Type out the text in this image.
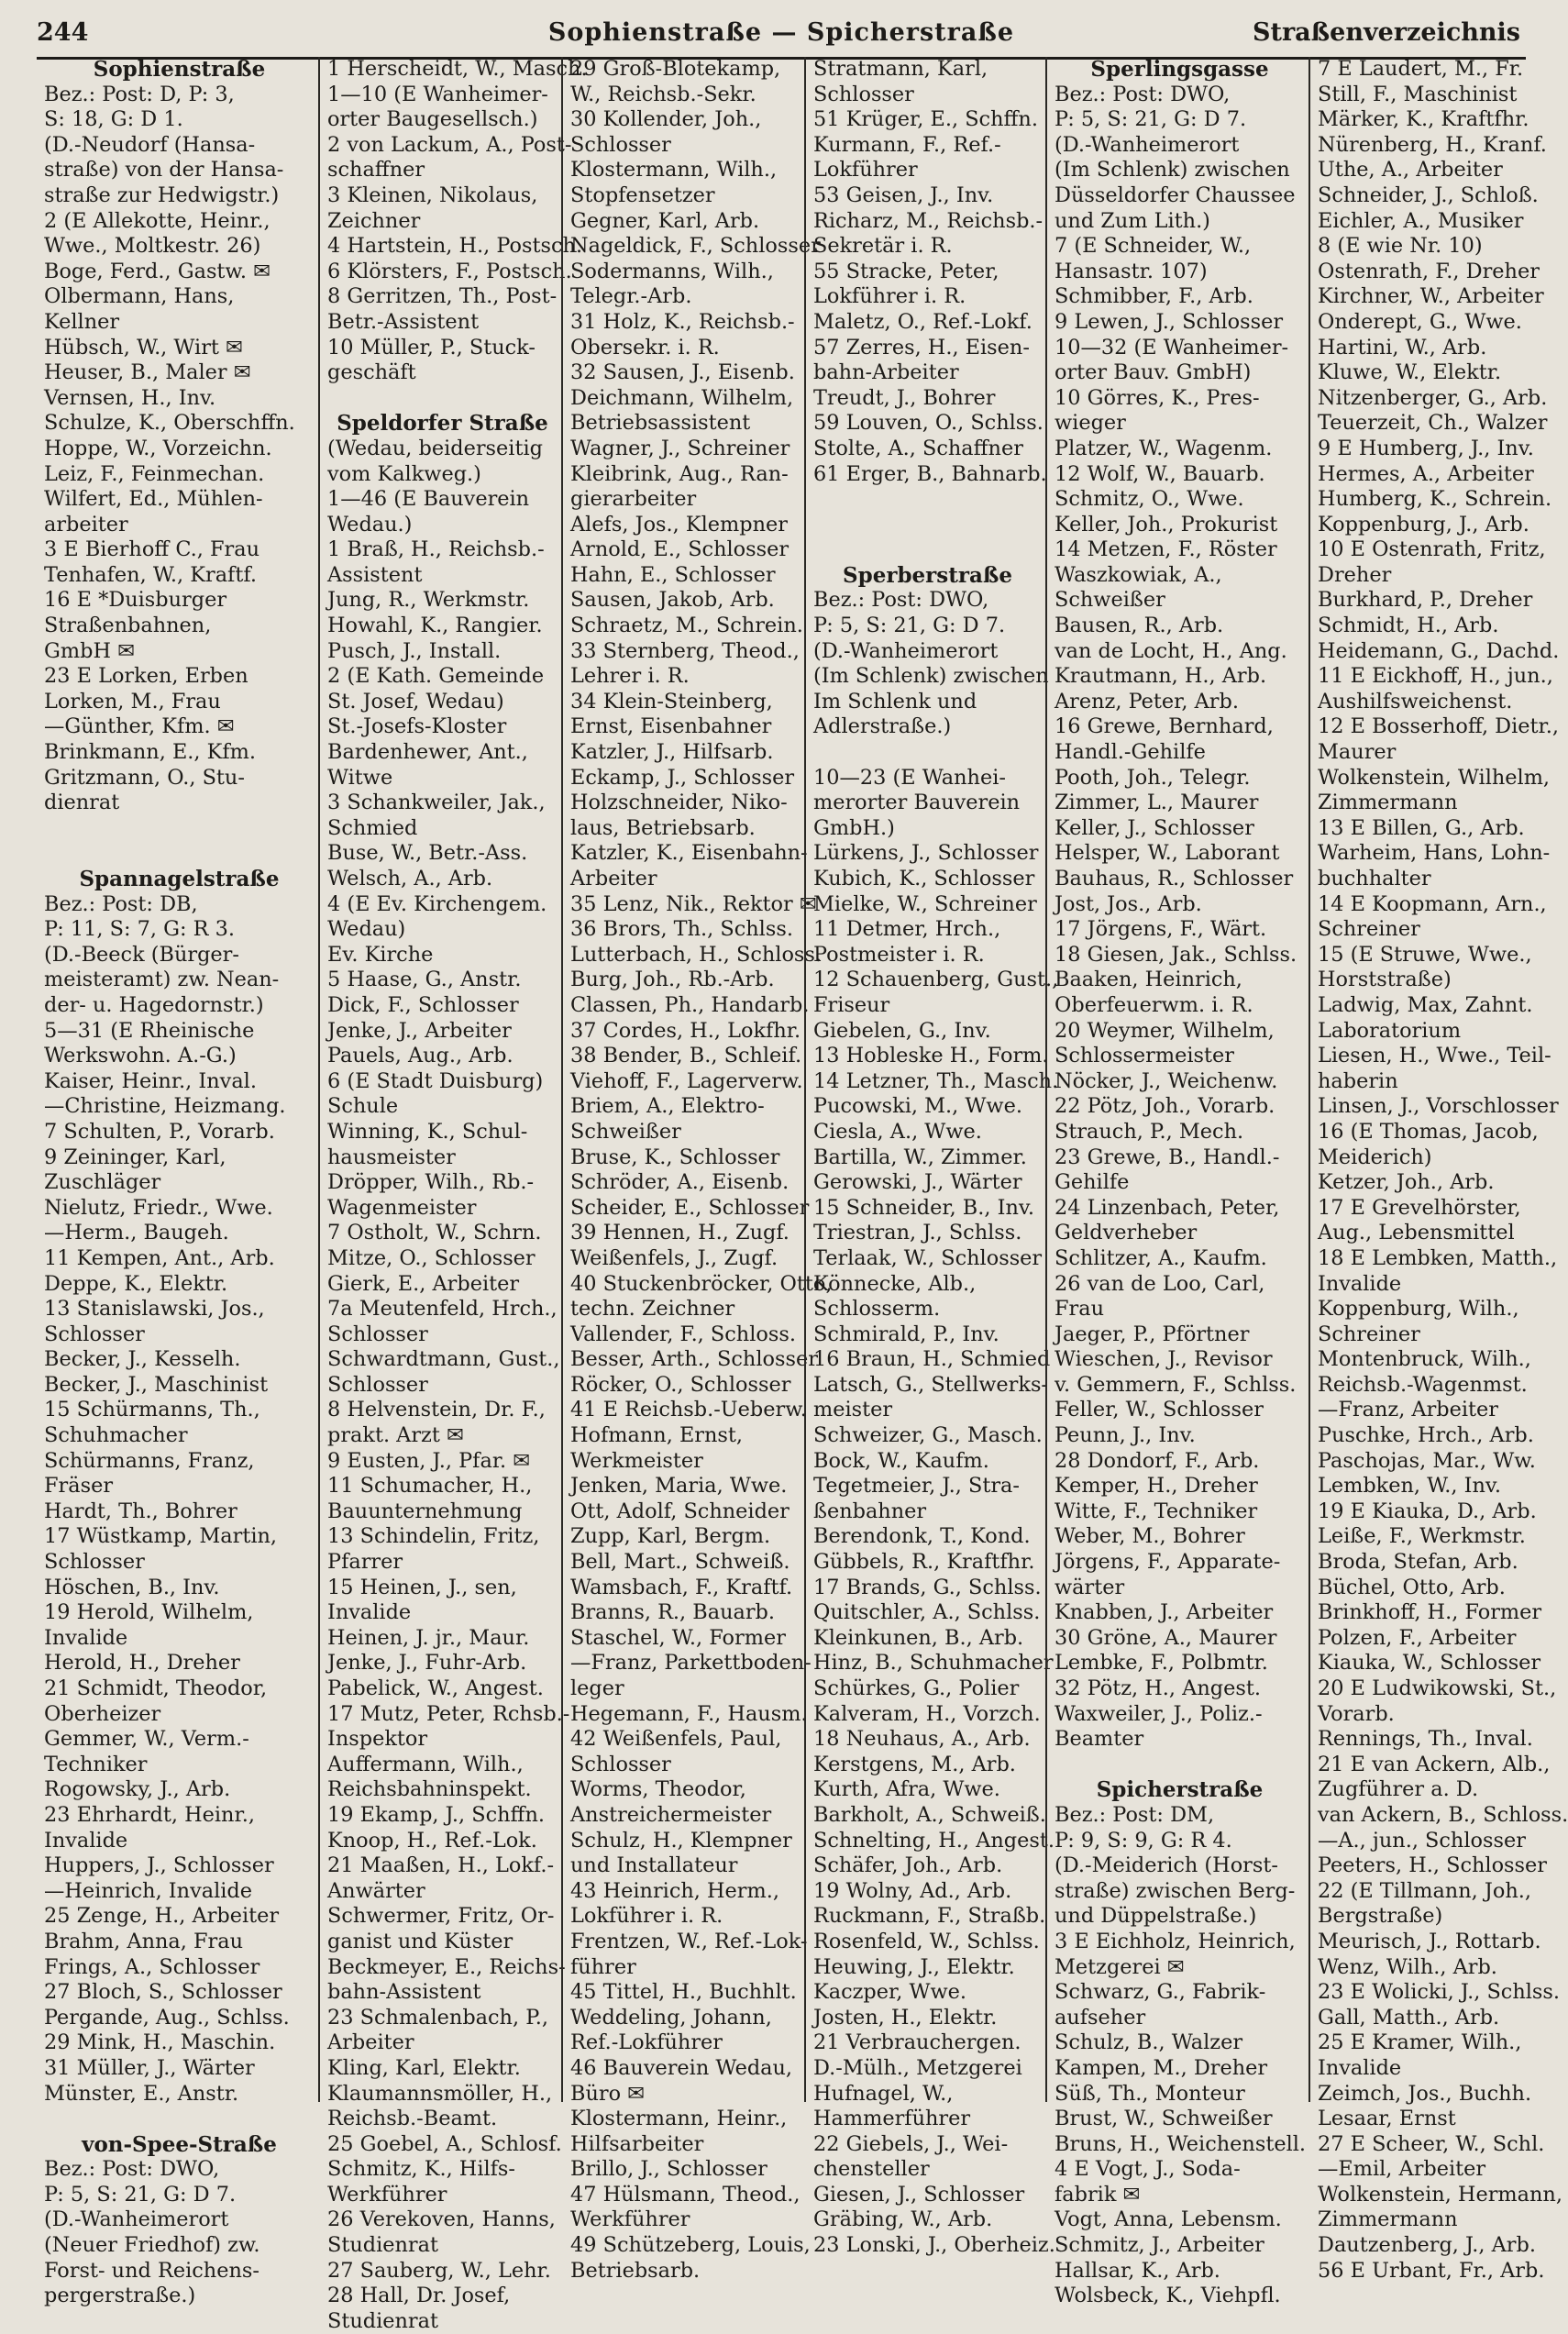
244	Sophienstraße — Spicherstraße	Straßenverzeichnis
Sophienstraße
Bez.: Post: D, P: 3,
S: 18, G: D 1.
(D.-Neudorf (Hansa-
straße) von der Hansa-
straße zur Hedwigstr.)
2 (E Allekotte, Heinr.,
Wwe., Moltkestr. 26)
Boge, Ferd., Gastw. ✉
Olbermann, Hans,
Kellner
Hübsch, W., Wirt ✉
Heuser, B., Maler ✉
Vernsen, H., Inv.
Schulze, K., Oberschffn.
Hoppe, W., Vorzeichn.
Leiz, F., Feinmechan.
Wilfert, Ed., Mühlen-
arbeiter
3 E Bierhoff C., Frau
Tenhafen, W., Kraftf.
16 E *Duisburger
Straßenbahnen,
GmbH ✉
23 E Lorken, Erben
Lorken, M., Frau
—Günther, Kfm. ✉
Brinkmann, E., Kfm.
Gritzmann, O., Stu-
dienrat
Spannagelstraße
Bez.: Post: DB,
P: 11, S: 7, G: R 3.
(D.-Beeck (Bürger-
meisteramt) zw. Nean-
der- u. Hagedornstr.)
5—31 (E Rheinische
Werkswohn. A.-G.)
Kaiser, Heinr., Inval.
—Christine, Heizmang.
7 Schulten, P., Vorarb.
9 Zeininger, Karl,
Zuschläger
Nielutz, Friedr., Wwe.
—Herm., Baugeh.
11 Kempen, Ant., Arb.
Deppe, K., Elektr.
13 Stanislawski, Jos.,
Schlosser
Becker, J., Kesselh.
Becker, J., Maschinist
15 Schürmanns, Th.,
Schuhmacher
Schürmanns, Franz,
Fräser
Hardt, Th., Bohrer
17 Wüstkamp, Martin,
Schlosser
Höschen, B., Inv.
19 Herold, Wilhelm,
Invalide
Herold, H., Dreher
21 Schmidt, Theodor,
Oberheizer
Gemmer, W., Verm.-
Techniker
Rogowsky, J., Arb.
23 Ehrhardt, Heinr.,
Invalide
Huppers, J., Schlosser
—Heinrich, Invalide
25 Zenge, H., Arbeiter
Brahm, Anna, Frau
Frings, A., Schlosser
27 Bloch, S., Schlosser
Pergande, Aug., Schlss.
29 Mink, H., Maschin.
31 Müller, J., Wärter
Münster, E., Anstr.
von-Spee-Straße
Bez.: Post: DWO,
P: 5, S: 21, G: D 7.
(D.-Wanheimerort
(Neuer Friedhof) zw.
Forst- und Reichens-
pergerstraße.)
1 Herscheidt, W., Masch.
1—10 (E Wanheimer-
orter Baugesellsch.)
2 von Lackum, A., Post-
schaffner
3 Kleinen, Nikolaus,
Zeichner
4 Hartstein, H., Postsch.
6 Klörsters, F., Postsch.
8 Gerritzen, Th., Post-
Betr.-Assistent
10 Müller, P., Stuck-
geschäft
Speldorfer Straße
(Wedau, beiderseitig
vom Kalkweg.)
1—46 (E Bauverein
Wedau.)
1 Braß, H., Reichsb.-
Assistent
Jung, R., Werkmstr.
Howahl, K., Rangier.
Pusch, J., Install.
2 (E Kath. Gemeinde
St. Josef, Wedau)
St.-Josefs-Kloster
Bardenhewer, Ant.,
Witwe
3 Schankweiler, Jak.,
Schmied
Buse, W., Betr.-Ass.
Welsch, A., Arb.
4 (E Ev. Kirchengem.
Wedau)
Ev. Kirche
5 Haase, G., Anstr.
Dick, F., Schlosser
Jenke, J., Arbeiter
Pauels, Aug., Arb.
6 (E Stadt Duisburg)
Schule
Winning, K., Schul-
hausmeister
Dröpper, Wilh., Rb.-
Wagenmeister
7 Ostholt, W., Schrn.
Mitze, O., Schlosser
Gierk, E., Arbeiter
7a Meutenfeld, Hrch.,
Schlosser
Schwardtmann, Gust.,
Schlosser
8 Helvenstein, Dr. F.,
prakt. Arzt ✉
9 Eusten, J., Pfar. ✉
11 Schumacher, H.,
Bauunternehmung
13 Schindelin, Fritz,
Pfarrer
15 Heinen, J., sen,
Invalide
Heinen, J. jr., Maur.
Jenke, J., Fuhr-Arb.
Pabelick, W., Angest.
17 Mutz, Peter, Rchsb.-
Inspektor
Auffermann, Wilh.,
Reichsbahninspekt.
19 Ekamp, J., Schffn.
Knoop, H., Ref.-Lok.
21 Maaßen, H., Lokf.-
Anwärter
Schwermer, Fritz, Or-
ganist und Küster
Beckmeyer, E., Reichs-
bahn-Assistent
23 Schmalenbach, P.,
Arbeiter
Kling, Karl, Elektr.
Klaumannsmöller, H.,
Reichsb.-Beamt.
25 Goebel, A., Schlosf.
Schmitz, K., Hilfs-
Werkführer
26 Verekoven, Hanns,
Studienrat
27 Sauberg, W., Lehr.
28 Hall, Dr. Josef,
Studienrat
29 Groß-Blotekamp,
W., Reichsb.-Sekr.
30 Kollender, Joh.,
Schlosser
Klostermann, Wilh.,
Stopfensetzer
Gegner, Karl, Arb.
Nageldick, F., Schlosser
Sodermanns, Wilh.,
Telegr.-Arb.
31 Holz, K., Reichsb.-
Obersekr. i. R.
32 Sausen, J., Eisenb.
Deichmann, Wilhelm,
Betriebsassistent
Wagner, J., Schreiner
Kleibrink, Aug., Ran-
gierarbeiter
Alefs, Jos., Klempner
Arnold, E., Schlosser
Hahn, E., Schlosser
Sausen, Jakob, Arb.
Schraetz, M., Schrein.
33 Sternberg, Theod.,
Lehrer i. R.
34 Klein-Steinberg,
Ernst, Eisenbahner
Katzler, J., Hilfsarb.
Eckamp, J., Schlosser
Holzschneider, Niko-
laus, Betriebsarb.
Katzler, K., Eisenbahn-
Arbeiter
35 Lenz, Nik., Rektor ✉
36 Brors, Th., Schlss.
Lutterbach, H., Schloss.
Burg, Joh., Rb.-Arb.
Classen, Ph., Handarb.
37 Cordes, H., Lokfhr.
38 Bender, B., Schleif.
Viehoff, F., Lagerverw.
Briem, A., Elektro-
Schweißer
Bruse, K., Schlosser
Schröder, A., Eisenb.
Scheider, E., Schlosser
39 Hennen, H., Zugf.
Weißenfels, J., Zugf.
40 Stuckenbröcker, Otto,
techn. Zeichner
Vallender, F., Schloss.
Besser, Arth., Schlosser
Röcker, O., Schlosser
41 E Reichsb.-Ueberw.
Hofmann, Ernst,
Werkmeister
Jenken, Maria, Wwe.
Ott, Adolf, Schneider
Zupp, Karl, Bergm.
Bell, Mart., Schweiß.
Wamsbach, F., Kraftf.
Branns, R., Bauarb.
Staschel, W., Former
—Franz, Parkettboden-
leger
Hegemann, F., Hausm.
42 Weißenfels, Paul,
Schlosser
Worms, Theodor,
Anstreichermeister
Schulz, H., Klempner
und Installateur
43 Heinrich, Herm.,
Lokführer i. R.
Frentzen, W., Ref.-Lok-
führer
45 Tittel, H., Buchhlt.
Weddeling, Johann,
Ref.-Lokführer
46 Bauverein Wedau,
Büro ✉
Klostermann, Heinr.,
Hilfsarbeiter
Brillo, J., Schlosser
47 Hülsmann, Theod.,
Werkführer
49 Schützeberg, Louis,
Betriebsarb.
Stratmann, Karl,
Schlosser
51 Krüger, E., Schffn.
Kurmann, F., Ref.-
Lokführer
53 Geisen, J., Inv.
Richarz, M., Reichsb.-
Sekretär i. R.
55 Stracke, Peter,
Lokführer i. R.
Maletz, O., Ref.-Lokf.
57 Zerres, H., Eisen-
bahn-Arbeiter
Treudt, J., Bohrer
59 Louven, O., Schlss.
Stolte, A., Schaffner
61 Erger, B., Bahnarb.
Sperberstraße
Bez.: Post: DWO,
P: 5, S: 21, G: D 7.
(D.-Wanheimerort
(Im Schlenk) zwischen
Im Schlenk und
Adlerstraße.)
10—23 (E Wanhei-
merorter Bauverein
GmbH.)
Lürkens, J., Schlosser
Kubich, K., Schlosser
Mielke, W., Schreiner
11 Detmer, Hrch.,
Postmeister i. R.
12 Schauenberg, Gust.,
Friseur
Giebelen, G., Inv.
13 Hobleske H., Form.
14 Letzner, Th., Masch.
Pucowski, M., Wwe.
Ciesla, A., Wwe.
Bartilla, W., Zimmer.
Gerowski, J., Wärter
15 Schneider, B., Inv.
Triestran, J., Schlss.
Terlaak, W., Schlosser
Könnecke, Alb.,
Schlosserm.
Schmirald, P., Inv.
16 Braun, H., Schmied
Latsch, G., Stellwerks-
meister
Schweizer, G., Masch.
Bock, W., Kaufm.
Tegetmeier, J., Stra-
ßenbahner
Berendonk, T., Kond.
Gübbels, R., Kraftfhr.
17 Brands, G., Schlss.
Quitschler, A., Schlss.
Kleinkunen, B., Arb.
Hinz, B., Schuhmacher
Schürkes, G., Polier
Kalveram, H., Vorzch.
18 Neuhaus, A., Arb.
Kerstgens, M., Arb.
Kurth, Afra, Wwe.
Barkholt, A., Schweiß.
Schnelting, H., Angest.
Schäfer, Joh., Arb.
19 Wolny, Ad., Arb.
Ruckmann, F., Straßb.
Rosenfeld, W., Schlss.
Heuwing, J., Elektr.
Kaczper, Wwe.
Josten, H., Elektr.
21 Verbrauchergen.
D.-Mülh., Metzgerei
Hufnagel, W.,
Hammerführer
22 Giebels, J., Wei-
chensteller
Giesen, J., Schlosser
Gräbing, W., Arb.
23 Lonski, J., Oberheiz.
Sperlingsgasse
Bez.: Post: DWO,
P: 5, S: 21, G: D 7.
(D.-Wanheimerort
(Im Schlenk) zwischen
Düsseldorfer Chaussee
und Zum Lith.)
7 (E Schneider, W.,
Hansastr. 107)
Schmibber, F., Arb.
9 Lewen, J., Schlosser
10—32 (E Wanheimer-
orter Bauv. GmbH)
10 Görres, K., Pres-
wieger
Platzer, W., Wagenm.
12 Wolf, W., Bauarb.
Schmitz, O., Wwe.
Keller, Joh., Prokurist
14 Metzen, F., Röster
Waszkowiak, A.,
Schweißer
Bausen, R., Arb.
van de Locht, H., Ang.
Krautmann, H., Arb.
Arenz, Peter, Arb.
16 Grewe, Bernhard,
Handl.-Gehilfe
Pooth, Joh., Telegr.
Zimmer, L., Maurer
Keller, J., Schlosser
Helsper, W., Laborant
Bauhaus, R., Schlosser
Jost, Jos., Arb.
17 Jörgens, F., Wärt.
18 Giesen, Jak., Schlss.
Baaken, Heinrich,
Oberfeuerwm. i. R.
20 Weymer, Wilhelm,
Schlossermeister
Nöcker, J., Weichenw.
22 Pötz, Joh., Vorarb.
Strauch, P., Mech.
23 Grewe, B., Handl.-
Gehilfe
24 Linzenbach, Peter,
Geldverheber
Schlitzer, A., Kaufm.
26 van de Loo, Carl,
Frau
Jaeger, P., Pförtner
Wieschen, J., Revisor
v. Gemmern, F., Schlss.
Feller, W., Schlosser
Peunn, J., Inv.
28 Dondorf, F., Arb.
Kemper, H., Dreher
Witte, F., Techniker
Weber, M., Bohrer
Jörgens, F., Apparate-
wärter
Knabben, J., Arbeiter
30 Gröne, A., Maurer
Lembke, F., Polbmtr.
32 Pötz, H., Angest.
Waxweiler, J., Poliz.-
Beamter
Spicherstraße
Bez.: Post: DM,
P: 9, S: 9, G: R 4.
(D.-Meiderich (Horst-
straße) zwischen Berg-
und Düppelstraße.)
3 E Eichholz, Heinrich,
Metzgerei ✉
Schwarz, G., Fabrik-
aufseher
Schulz, B., Walzer
Kampen, M., Dreher
Süß, Th., Monteur
Brust, W., Schweißer
Bruns, H., Weichenstell.
4 E Vogt, J., Soda-
fabrik ✉
Vogt, Anna, Lebensm.
Schmitz, J., Arbeiter
Hallsar, K., Arb.
Wolsbeck, K., Viehpfl.
7 E Laudert, M., Fr.
Still, F., Maschinist
Märker, K., Kraftfhr.
Nürenberg, H., Kranf.
Uthe, A., Arbeiter
Schneider, J., Schloß.
Eichler, A., Musiker
8 (E wie Nr. 10)
Ostenrath, F., Dreher
Kirchner, W., Arbeiter
Onderept, G., Wwe.
Hartini, W., Arb.
Kluwe, W., Elektr.
Nitzenberger, G., Arb.
Teuerzeit, Ch., Walzer
9 E Humberg, J., Inv.
Hermes, A., Arbeiter
Humberg, K., Schrein.
Koppenburg, J., Arb.
10 E Ostenrath, Fritz,
Dreher
Burkhard, P., Dreher
Schmidt, H., Arb.
Heidemann, G., Dachd.
11 E Eickhoff, H., jun.,
Aushilfsweichenst.
12 E Bosserhoff, Dietr.,
Maurer
Wolkenstein, Wilhelm,
Zimmermann
13 E Billen, G., Arb.
Warheim, Hans, Lohn-
buchhalter
14 E Koopmann, Arn.,
Schreiner
15 (E Struwe, Wwe.,
Horststraße)
Ladwig, Max, Zahnt.
Laboratorium
Liesen, H., Wwe., Teil-
haberin
Linsen, J., Vorschlosser
16 (E Thomas, Jacob,
Meiderich)
Ketzer, Joh., Arb.
17 E Grevelhörster,
Aug., Lebensmittel
18 E Lembken, Matth.,
Invalide
Koppenburg, Wilh.,
Schreiner
Montenbruck, Wilh.,
Reichsb.-Wagenmst.
—Franz, Arbeiter
Puschke, Hrch., Arb.
Paschojas, Mar., Ww.
Lembken, W., Inv.
19 E Kiauka, D., Arb.
Leiße, F., Werkmstr.
Broda, Stefan, Arb.
Büchel, Otto, Arb.
Brinkhoff, H., Former
Polzen, F., Arbeiter
Kiauka, W., Schlosser
20 E Ludwikowski, St.,
Vorarb.
Rennings, Th., Inval.
21 E van Ackern, Alb.,
Zugführer a. D.
van Ackern, B., Schloss.
—A., jun., Schlosser
Peeters, H., Schlosser
22 (E Tillmann, Joh.,
Bergstraße)
Meurisch, J., Rottarb.
Wenz, Wilh., Arb.
23 E Wolicki, J., Schlss.
Gall, Matth., Arb.
25 E Kramer, Wilh.,
Invalide
Zeimch, Jos., Buchh.
Lesaar, Ernst
27 E Scheer, W., Schl.
—Emil, Arbeiter
Wolkenstein, Hermann,
Zimmermann
Dautzenberg, J., Arb.
56 E Urbant, Fr., Arb.
